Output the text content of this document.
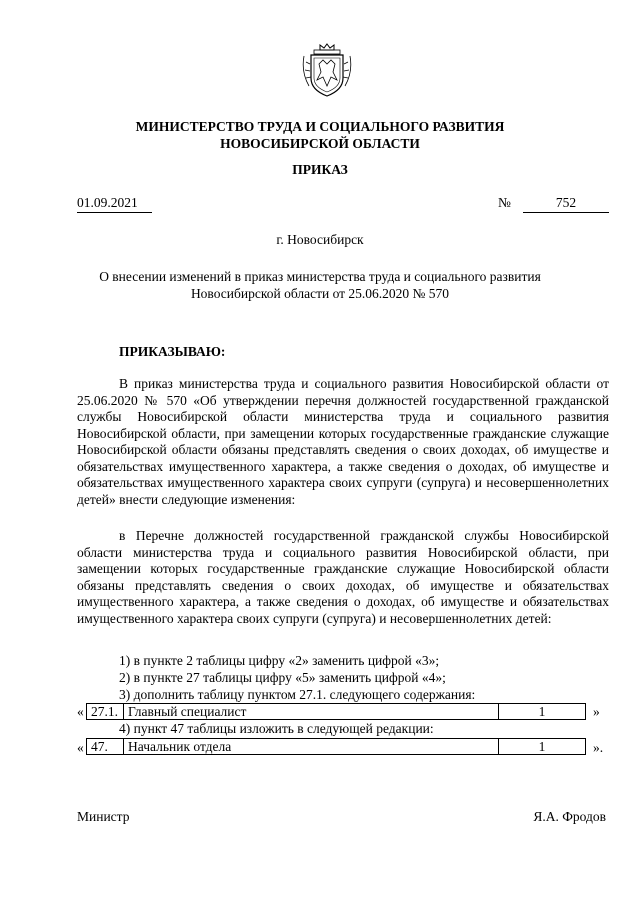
МИНИСТЕРСТВО ТРУДА И СОЦИАЛЬНОГО РАЗВИТИЯ
НОВОСИБИРСКОЙ ОБЛАСТИ
ПРИКАЗ
01.09.2021	№	752
г. Новосибирск
О внесении изменений в приказ министерства труда и социального развития
Новосибирской области от 25.06.2020 № 570
ПРИКАЗЫВАЮ:
В приказ министерства труда и социального развития Новосибирской области от 25.06.2020 № 570 «Об утверждении перечня должностей государственной гражданской службы Новосибирской области министерства труда и социального развития Новосибирской области, при замещении которых государственные гражданские служащие Новосибирской области обязаны представлять сведения о своих доходах, об имуществе и обязательствах имущественного характера, а также сведения о доходах, об имуществе и обязательствах имущественного характера своих супруги (супруга) и несовершеннолетних детей» внести следующие изменения:
в Перечне должностей государственной гражданской службы Новосибирской области министерства труда и социального развития Новосибирской области, при замещении которых государственные гражданские служащие Новосибирской области обязаны представлять сведения о своих доходах, об имуществе и обязательствах имущественного характера, а также сведения о доходах, об имуществе и обязательствах имущественного характера своих супруги (супруга) и несовершеннолетних детей:
1) в пункте 2 таблицы цифру «2» заменить цифрой «3»;
2) в пункте 27 таблицы цифру «5» заменить цифрой «4»;
3) дополнить таблицу пунктом 27.1. следующего содержания:
« 27.1.	Главный специалист	1	»
4) пункт 47 таблицы изложить в следующей редакции:
« 47.	Начальник отдела	1	».
Министр	Я.А. Фродов
